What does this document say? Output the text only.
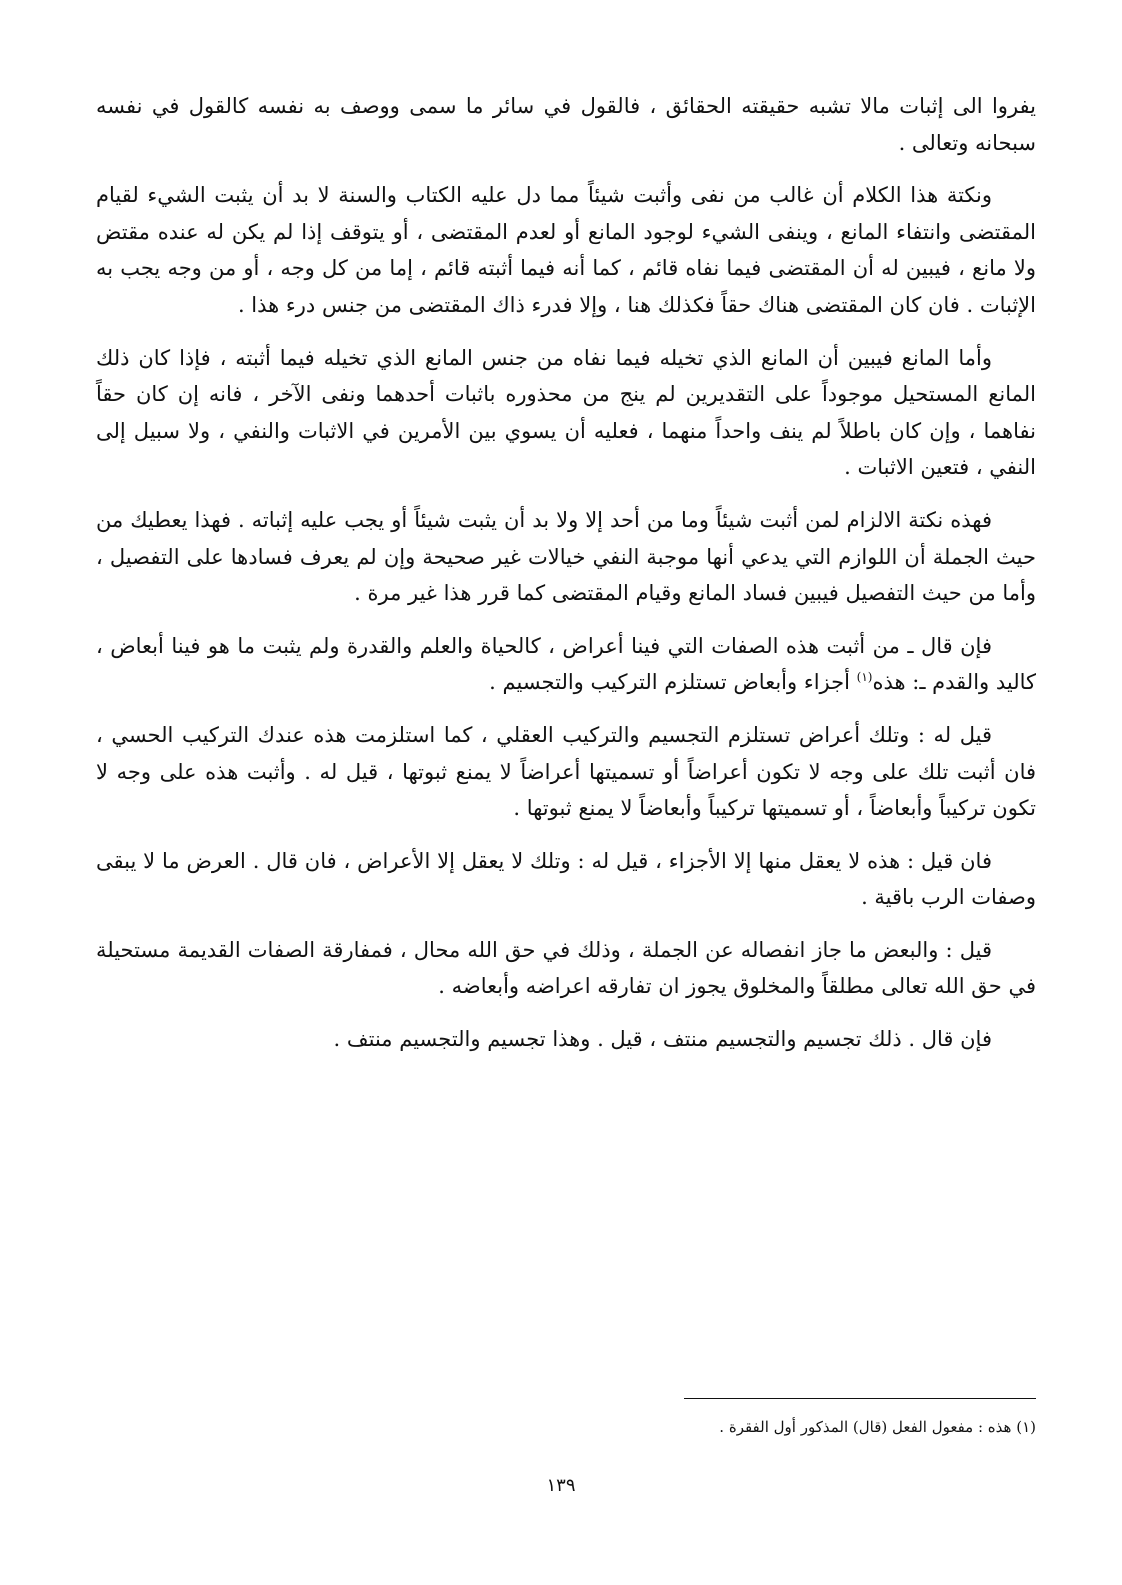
يفروا الى إثبات مالا تشبه حقيقته الحقائق ، فالقول في سائر ما سمى ووصف به نفسه كالقول في نفسه سبحانه وتعالى .

ونكتة هذا الكلام أن غالب من نفى وأثبت شيئاً مما دل عليه الكتاب والسنة لا بد أن يثبت الشيء لقيام المقتضى وانتفاء المانع ، وينفى الشيء لوجود المانع أو لعدم المقتضى ، أو يتوقف إذا لم يكن له عنده مقتض ولا مانع ، فيبين له أن المقتضى فيما نفاه قائم ، كما أنه فيما أثبته قائم ، إما من كل وجه ، أو من وجه يجب به الإثبات . فان كان المقتضى هناك حقاً فكذلك هنا ، وإلا فدرء ذاك المقتضى من جنس درء هذا .

وأما المانع فيبين أن المانع الذي تخيله فيما نفاه من جنس المانع الذي تخيله فيما أثبته ، فإذا كان ذلك المانع المستحيل موجوداً على التقديرين لم ينج من محذوره باثبات أحدهما ونفى الآخر ، فانه إن كان حقاً نفاهما ، وإن كان باطلاً لم ينف واحداً منهما ، فعليه أن يسوي بين الأمرين في الاثبات والنفي ، ولا سبيل إلى النفي ، فتعين الاثبات .

فهذه نكتة الالزام لمن أثبت شيئاً وما من أحد إلا ولا بد أن يثبت شيئاً أو يجب عليه إثباته . فهذا يعطيك من حيث الجملة أن اللوازم التي يدعي أنها موجبة النفي خيالات غير صحيحة وإن لم يعرف فسادها على التفصيل ، وأما من حيث التفصيل فيبين فساد المانع وقيام المقتضى كما قرر هذا غير مرة .

فإن قال ـ من أثبت هذه الصفات التي فينا أعراض ، كالحياة والعلم والقدرة ولم يثبت ما هو فينا أبعاض ، كاليد والقدم ـ: هذه$^{(١)}$ أجزاء وأبعاض تستلزم التركيب والتجسيم .

قيل له : وتلك أعراض تستلزم التجسيم والتركيب العقلي ، كما استلزمت هذه عندك التركيب الحسي ، فان أثبت تلك على وجه لا تكون أعراضاً أو تسميتها أعراضاً لا يمنع ثبوتها ، قيل له . وأثبت هذه على وجه لا تكون تركيباً وأبعاضاً ، أو تسميتها تركيباً وأبعاضاً لا يمنع ثبوتها .

فان قيل : هذه لا يعقل منها إلا الأجزاء ، قيل له : وتلك لا يعقل إلا الأعراض ، فان قال . العرض ما لا يبقى وصفات الرب باقية .

قيل : والبعض ما جاز انفصاله عن الجملة ، وذلك في حق الله محال ، فمفارقة الصفات القديمة مستحيلة في حق الله تعالى مطلقاً والمخلوق يجوز ان تفارقه اعراضه وأبعاضه .

فإن قال . ذلك تجسيم والتجسيم منتف ، قيل . وهذا تجسيم والتجسيم منتف .

(١) هذه : مفعول الفعل (قال) المذكور أول الفقرة .
١٣٩
